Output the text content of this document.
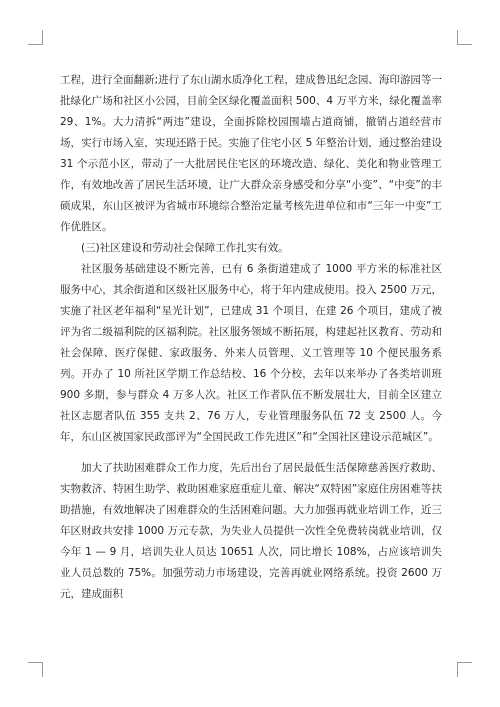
工程，进行全面翻新;进行了东山湖水质净化工程，建成鲁迅纪念园、海印游园等一批绿化广场和社区小公园，目前全区绿化覆盖面积 500、4 万平方米，绿化覆盖率 29、1%。大力清拆“两违”建设，全面拆除校园围墙占道商铺，撤销占道经营市场，实行市场入室，实现还路于民。实施了住宅小区 5 年整治计划，通过整治建设 31 个示范小区，带动了一大批居民住宅区的环境改造、绿化、美化和物业管理工作，有效地改善了居民生活环境，让广大群众亲身感受和分享“小变”、“中变”的丰硕成果，东山区被评为省城市环境综合整治定量考核先进单位和市“三年一中变”工作优胜区。

(三)社区建设和劳动社会保障工作扎实有效。

社区服务基础建设不断完善，已有 6 条街道建成了 1000 平方米的标准社区服务中心，其余街道和区级社区服务中心，将于年内建成使用。投入 2500 万元，实施了社区老年福利“星光计划”，已建成 31 个项目，在建 26 个项目，建成了被评为省二级福利院的区福利院。社区服务领域不断拓展，构建起社区教育、劳动和社会保障、医疗保健、家政服务、外来人员管理、义工管理等 10 个便民服务系列。开办了 10 所社区学期工作总结校、16 个分校，去年以来举办了各类培训班 900 多期，参与群众 4 万多人次。社区工作者队伍不断发展壮大，目前全区建立社区志愿者队伍 355 支共 2、76 万人，专业管理服务队伍 72 支 2500 人。今年，东山区被国家民政部评为“全国民政工作先进区”和“全国社区建设示范城区”。

加大了扶助困难群众工作力度，先后出台了居民最低生活保障慈善医疗救助、实物救济、特困生助学、救助困难家庭重症儿童、解决“双特困”家庭住房困难等扶助措施，有效地解决了困难群众的生活困难问题。大力加强再就业培训工作，近三年区财政共安排 1000 万元专款，为失业人员提供一次性全免费转岗就业培训，仅今年 1 — 9 月，培训失业人员达 10651 人次，同比增长 108%，占应该培训失业人员总数的 75%。加强劳动力市场建设，完善再就业网络系统。投资 2600 万元，建成面积
